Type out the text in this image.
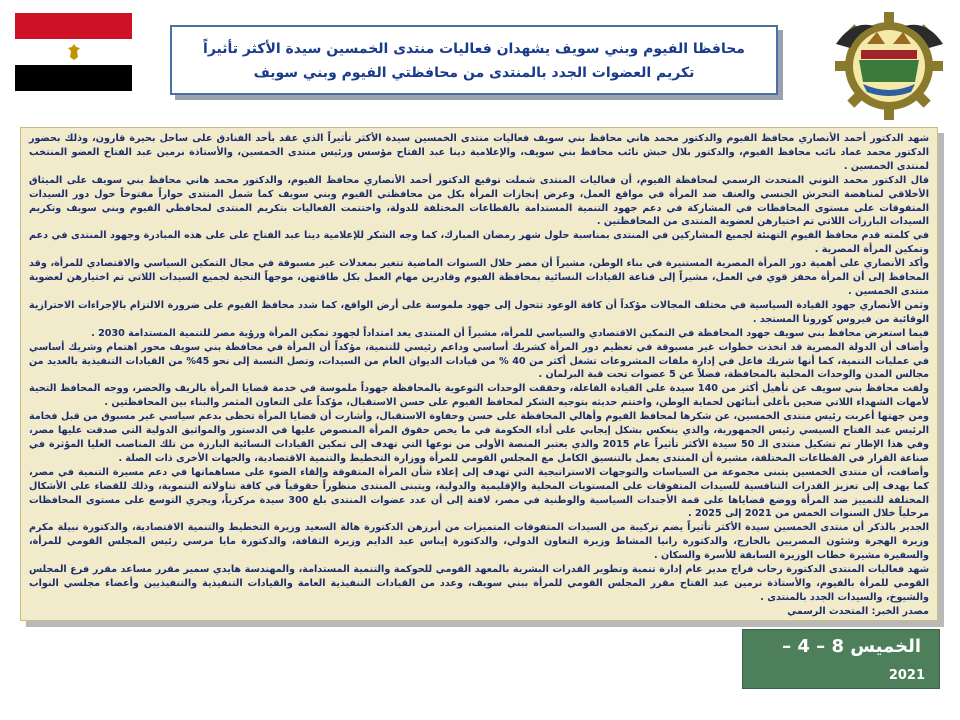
محافظا الفيوم وبني سويف يشهدان فعاليات منتدى الخمسين سيدة الأكثر تأثيراً
تكريم العضوات الجدد بالمنتدى من محافظتي الفيوم وبني سويف

شهد الدكتور أحمد الأنصاري محافظ الفيوم والدكتور محمد هاني محافظ بني سويف فعاليات منتدى الخمسين سيدة الأكثر تأثيراً الذي عقد بأحد الفنادق على ساحل بحيرة قارون، وذلك بحضور الدكتور محمد عماد نائب محافظ الفيوم، والدكتور بلال حبش نائب محافظ بني سويف، والإعلامية دينا عبد الفتاح مؤسس ورئيس منتدى الخمسين، والأستاذة نرمين عبد الفتاح العضو المنتخب لمنتدى الخمسين .

قال الدكتور محمد التوني المتحدث الرسمي لمحافظة الفيوم، أن فعاليات المنتدى شملت توقيع الدكتور أحمد الأنصاري محافظ الفيوم، والدكتور محمد هاني محافظ بني سويف على الميثاق الأخلاقي لمناهضة التحرش الجنسي والعنف ضد المرأة في مواقع العمل، وعرض إنجازات المرأة بكل من محافظتي الفيوم وبني سويف كما شمل المنتدى حواراً مفتوحاً حول دور السيدات المتفوقات على مستوى المحافظات في المشاركة في دعم جهود التنمية المستدامة بالقطاعات المختلفة للدولة، واختتمت الفعاليات بتكريم المنتدى لمحافظي الفيوم وبني سويف وتكريم السيدات البارزات اللاتي تم اختيارهن لعضوية المنتدى من المحافظتين .

في كلمته قدم محافظ الفيوم التهنئة لجميع المشاركين في المنتدى بمناسبة حلول شهر رمضان المبارك، كما وجه الشكر للإعلامية دينا عبد الفتاح على على هذه المبادرة وجهود المنتدى في دعم وتمكين المرأة المصرية .

وأكد الأنصاري على أهمية دور المرأة المصرية المستنيرة في بناء الوطن، مشيراً أن مصر خلال السنوات الماضية تتغير بمعدلات غير مسبوقة في مجال التمكين السياسي والاقتصادي للمرأة، وقد المحافظ إلى أن المرأة محفز قوي في العمل، مشيراً إلى قناعة القيادات النسائية بمحافظة الفيوم وقادرين مهام العمل بكل طاقتهن، موجهاً التحية لجميع السيدات اللاتي تم اختيارهن لعضوية منتدى الخمسين .

وثمن الأنصاري جهود القيادة السياسية في مختلف المجالات مؤكداً أن كافة الوعود تتحول إلى جهود ملموسة على أرض الواقع، كما شدد محافظ الفيوم على ضرورة الالتزام بالإجراءات الاحترازية الوقائية من فيروس كورونا المستجد .

فيما استعرض محافظ بني سويف جهود المحافظة في التمكين الاقتصادي والسياسي للمرأة، مشيراً أن المنتدى يعد امتداداً لجهود تمكين المرأة ورؤية مصر للتنمية المستدامة 2030 .

وأضاف أن الدولة المصرية قد اتخذت خطوات غير مسبوقة في تعظيم دور المرأة كشريك أساسي وداعم رئيسي للتنمية، مؤكداً أن المرأة في محافظة بني سويف محور اهتمام وشريك أساسي في عمليات التنمية، كما أنها شريك فاعل في إدارة ملفات المشروعات تشغل أكثر من 40 % من قيادات الديوان العام من السيدات، وتصل النسبة إلى نحو 45% من القيادات التنفيذية بالعديد من مجالس المدن والوحدات المحلية بالمحافظة، فضلاً عن 5 عضوات تحت قبة البرلمان .

ولفت محافظ بني سويف عن تأهيل أكثر من 140 سيدة على القيادة الفاعلة، وحققت الوحدات التوعوية بالمحافظة جهوداً ملموسة في خدمة قضايا المرأة بالريف والحضر، ووجه المحافظ التحية لأمهات الشهداء اللاتي ضحين بأغلى أبنائهن لحماية الوطن، واختتم حديثه بتوجيه الشكر لمحافظ الفيوم على حسن الاستقبال، مؤكداً على التعاون المثمر والبناء بين المحافظتين .

ومن جهتها أعربت رئيس منتدى الخمسين، عن شكرها لمحافظ الفيوم وأهالي المحافظة على حسن وحفاوة الاستقبال، وأشارت أن قضايا المرأة تحظى بدعم سياسي غير مسبوق من قبل فخامة الرئيس عبد الفتاح السيسي رئيس الجمهورية، والذي ينعكس بشكل إيجابي على أداء الحكومة في ما يخص حقوق المرأة المنصوص عليها في الدستور والمواثيق الدولية التي صدقت عليها مصر، وفي هذا الإطار تم تشكيل منتدى الـ 50 سيدة الأكثر تأثيراً عام 2015 والذي يعتبر المنصة الأولى من نوعها التي تهدف إلى تمكين القيادات النسائية البارزة من تلك المناصب العليا المؤثرة في صناعة القرار في القطاعات المختلفة، مشيرة أن المنتدى يعمل بالتنسيق الكامل مع المجلس القومي للمرأة ووزارة التخطيط والتنمية الاقتصادية، والجهات الأخرى ذات الصلة .

وأضافت، أن منتدى الخمسين يتبنى مجموعة من السياسات والتوجهات الاستراتيجية التي تهدف إلى إعلاء شأن المرأة المتفوقة وإلقاء الضوء على مساهماتها في دعم مسيرة التنمية في مصر، كما يهدف إلى تعزيز القدرات التنافسية للسيدات المتفوقات على المستويات المحلية والإقليمية والدولية، ويتبنى المنتدى منظوراً حقوقياً في كافة تناولاته التنموية، وذلك للقضاء على الأشكال المختلفة للتمييز ضد المرأة ووضع قضاياها على قمة الأجندات السياسية والوطنية في مصر، لافتة إلى أن عدد عضوات المنتدى بلغ 300 سيدة مركزياً، ويجري التوسع على مستوى المحافظات مرحلياً خلال السنوات الخمس من 2021 إلى 2025 .

الجدير بالذكر أن منتدى الخمسين سيدة الأكثر تأثيراً يضم تركيبة من السيدات المتفوقات المتميزات من أبرزهن الدكتورة هالة السعيد وزيرة التخطيط والتنمية الاقتصادية، والدكتورة نبيلة مكرم وزيرة الهجرة وشئون المصريين بالخارج، والدكتورة رانيا المشاط وزيرة التعاون الدولي، والدكتورة إيناس عبد الدايم وزيرة الثقافة، والدكتورة مايا مرسي رئيس المجلس القومي للمرأة، والسفيرة مشيرة خطاب الوزيرة السابقة للأسرة والسكان .

شهد فعاليات المنتدى الدكتورة رحاب فراج مدير عام إدارة تنمية وتطوير القدرات البشرية بالمعهد القومي للحوكمة والتنمية المستدامة، والمهندسة هايدي سمير مقرر مساعد مقرر فرع المجلس القومي للمرأة بالفيوم، والأستاذة نرمين عبد الفتاح مقرر المجلس القومي للمرأة ببني سويف، وعدد من القيادات التنفيذية العامة والقيادات التنفيذية والتنفيذيين وأعضاء مجلسي النواب والشيوخ، والسيدات الجدد بالمنتدى .

مصدر الخبر: المتحدث الرسمي

الخميس 8 – 4 –
2021
